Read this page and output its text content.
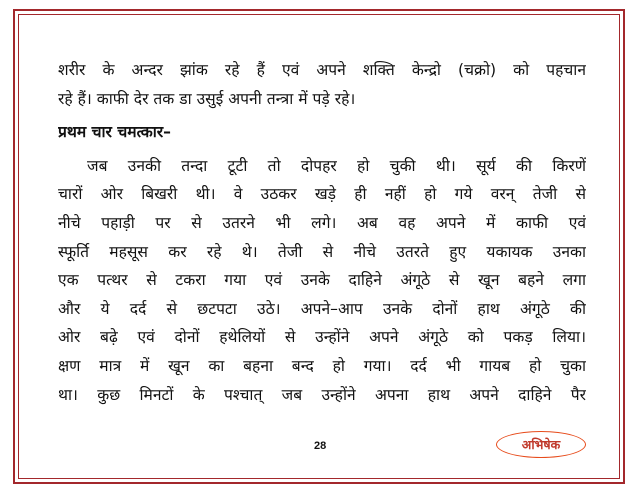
शरीर के अन्दर झांक रहे हैं एवं अपने शक्ति केन्द्रो (चक्रो) को पहचान
रहे हैं। काफी देर तक डा उसुई अपनी तन्त्रा में पड़े रहे।
प्रथम चार चमत्कार–
जब उनकी तन्दा टूटी तो दोपहर हो चुकी थी। सूर्य की किरणें
चारों ओर बिखरी थी। वे उठकर खड़े ही नहीं हो गये वरन् तेजी से
नीचे पहाड़ी पर से उतरने भी लगे। अब वह अपने में काफी एवं
स्फूर्ति महसूस कर रहे थे। तेजी से नीचे उतरते हुए यकायक उनका
एक पत्थर से टकरा गया एवं उनके दाहिने अंगूठे से खून बहने लगा
और ये दर्द से छटपटा उठे। अपने–आप उनके दोनों हाथ अंगूठे की
ओर बढ़े एवं दोनों हथेलियों से उन्होंने अपने अंगूठे को पकड़ लिया।
क्षण मात्र में खून का बहना बन्द हो गया। दर्द भी गायब हो चुका
था। कुछ मिनटों के पश्चात् जब उन्होंने अपना हाथ अपने दाहिने पैर
28	अभिषेक
